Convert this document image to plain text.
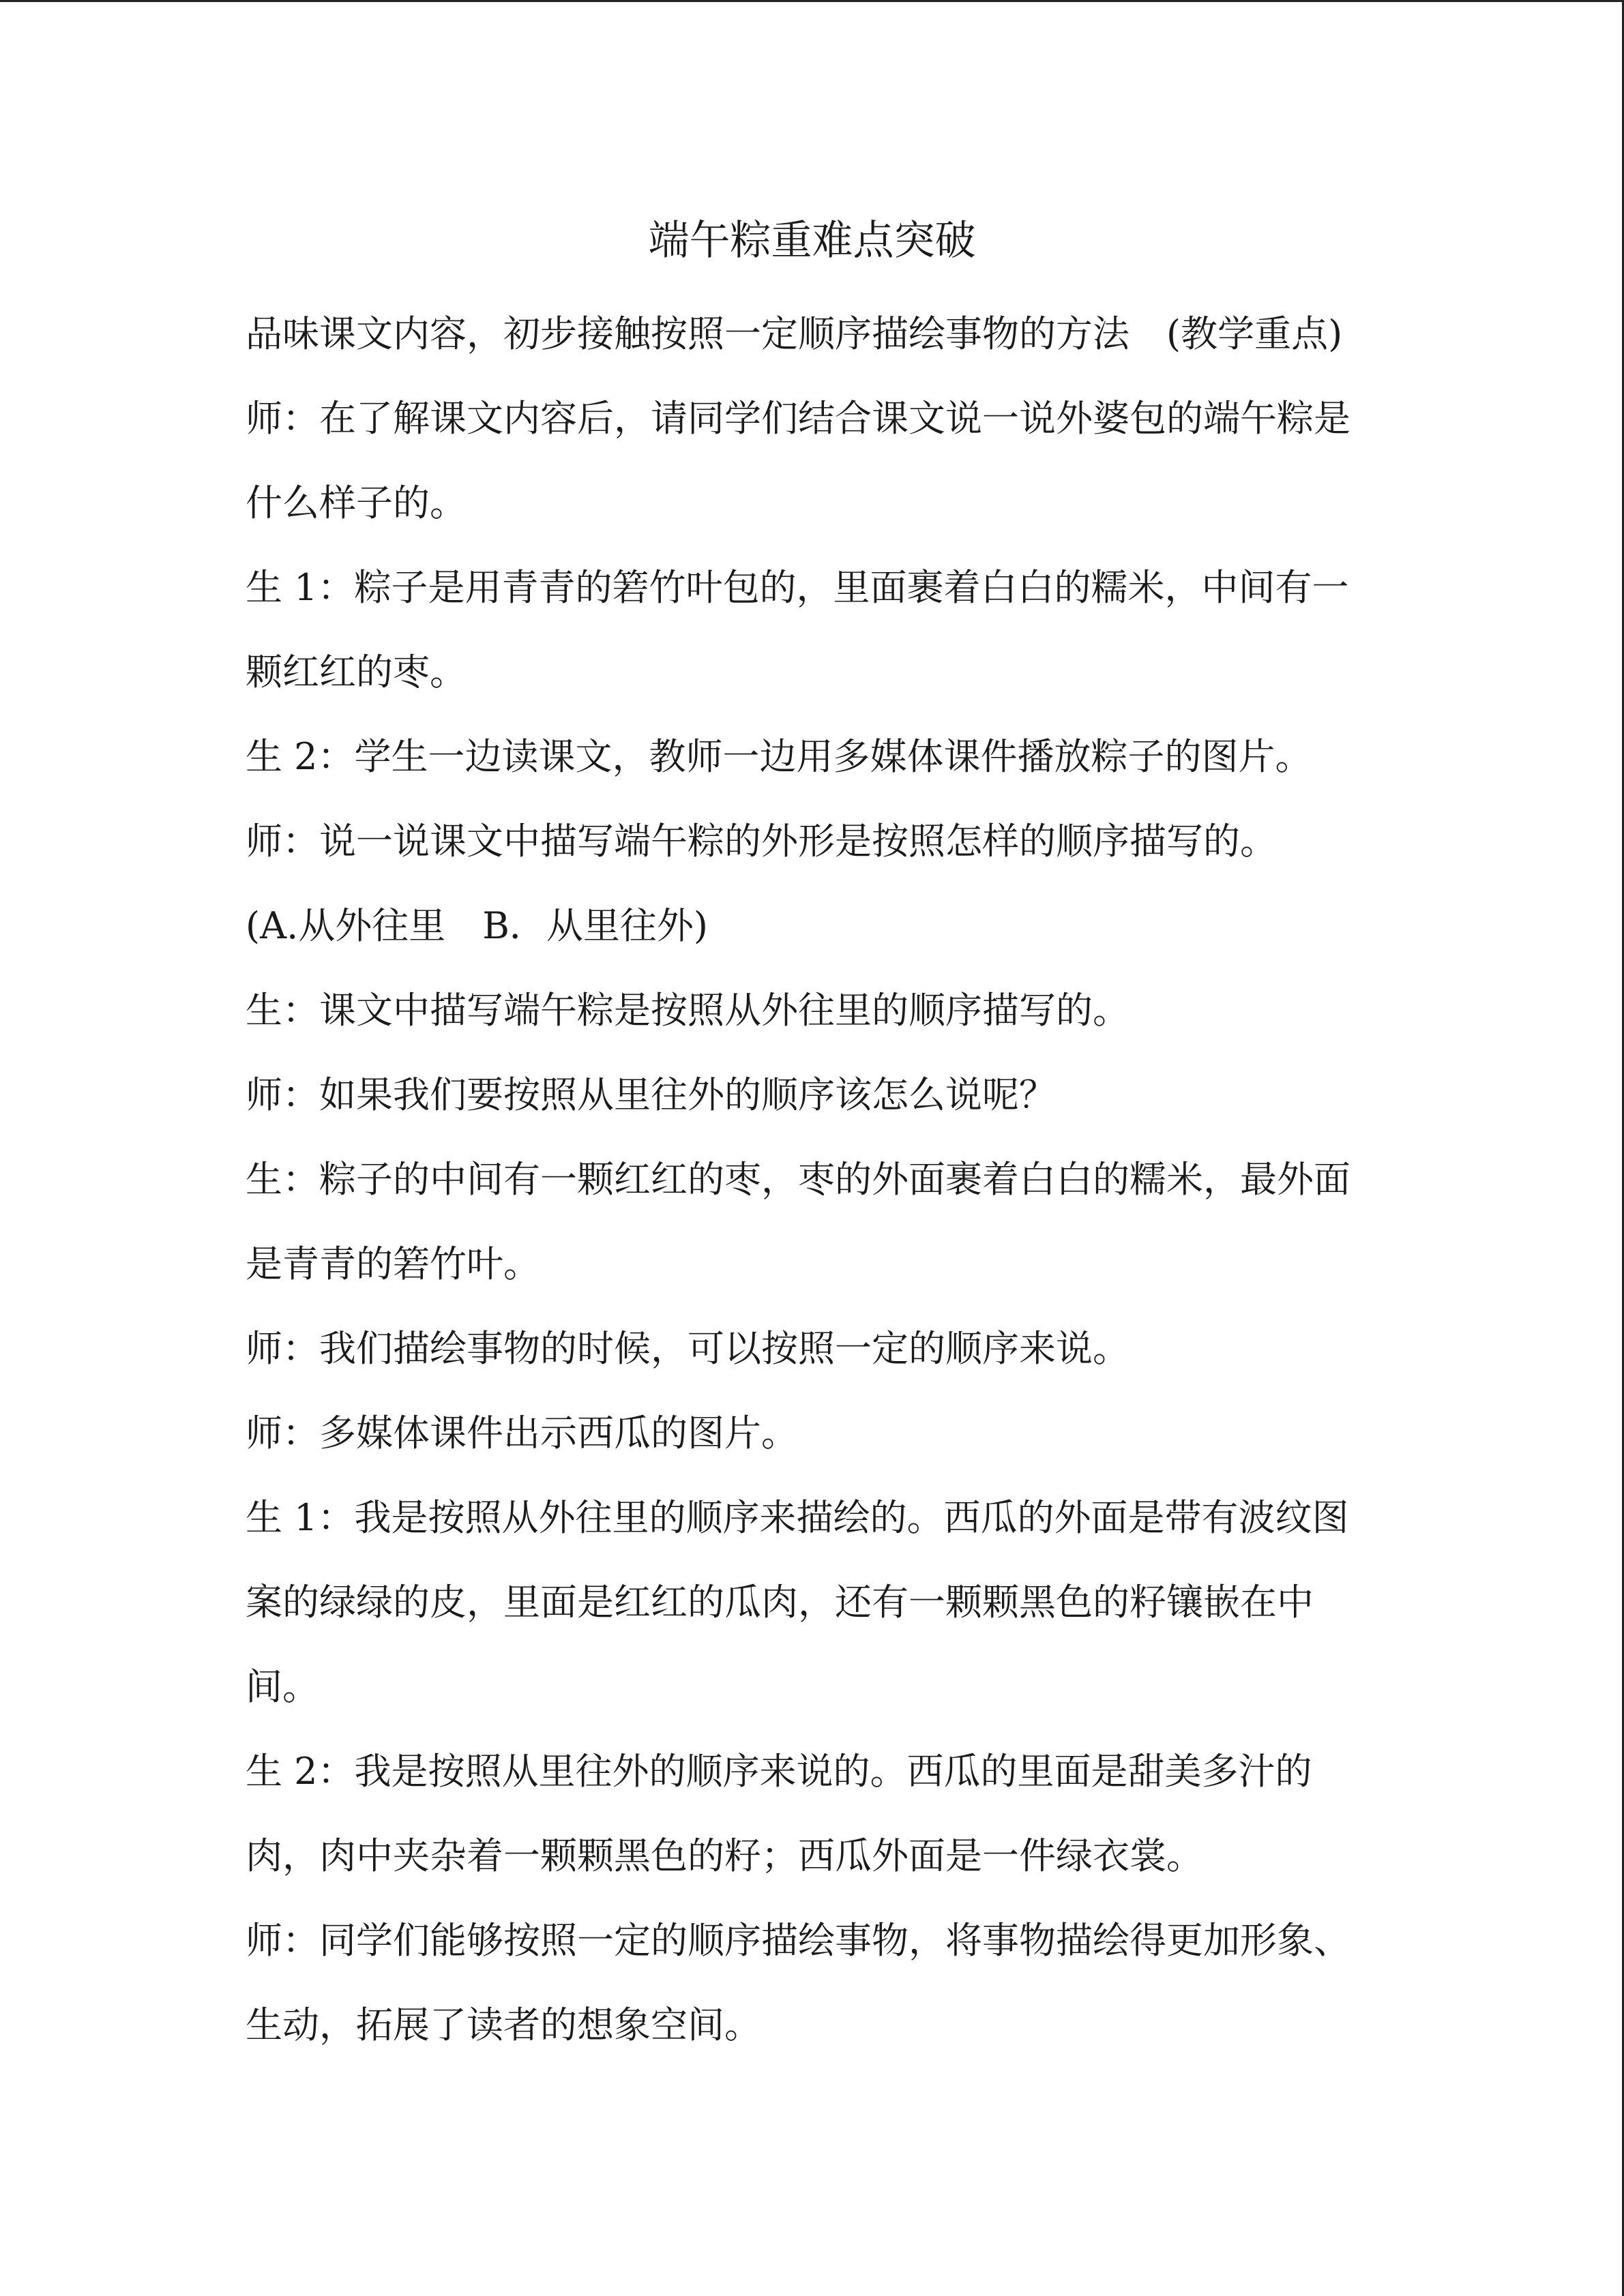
端午粽重难点突破

品味课文内容，初步接触按照一定顺序描绘事物的方法　(教学重点)师：在了解课文内容后，请同学们结合课文说一说外婆包的端午粽是什么样子的。

生 1：粽子是用青青的箬竹叶包的，里面裹着白白的糯米，中间有一颗红红的枣。

生 2：学生一边读课文，教师一边用多媒体课件播放粽子的图片。

师：说一说课文中描写端午粽的外形是按照怎样的顺序描写的。

(A.从外往里　B．从里往外)

生：课文中描写端午粽是按照从外往里的顺序描写的。

师：如果我们要按照从里往外的顺序该怎么说呢？

生：粽子的中间有一颗红红的枣，枣的外面裹着白白的糯米，最外面是青青的箬竹叶。

师：我们描绘事物的时候，可以按照一定的顺序来说。

师：多媒体课件出示西瓜的图片。

生 1：我是按照从外往里的顺序来描绘的。西瓜的外面是带有波纹图案的绿绿的皮，里面是红红的瓜肉，还有一颗颗黑色的籽镶嵌在中间。

生 2：我是按照从里往外的顺序来说的。西瓜的里面是甜美多汁的肉，肉中夹杂着一颗颗黑色的籽；西瓜外面是一件绿衣裳。

师：同学们能够按照一定的顺序描绘事物，将事物描绘得更加形象、生动，拓展了读者的想象空间。
